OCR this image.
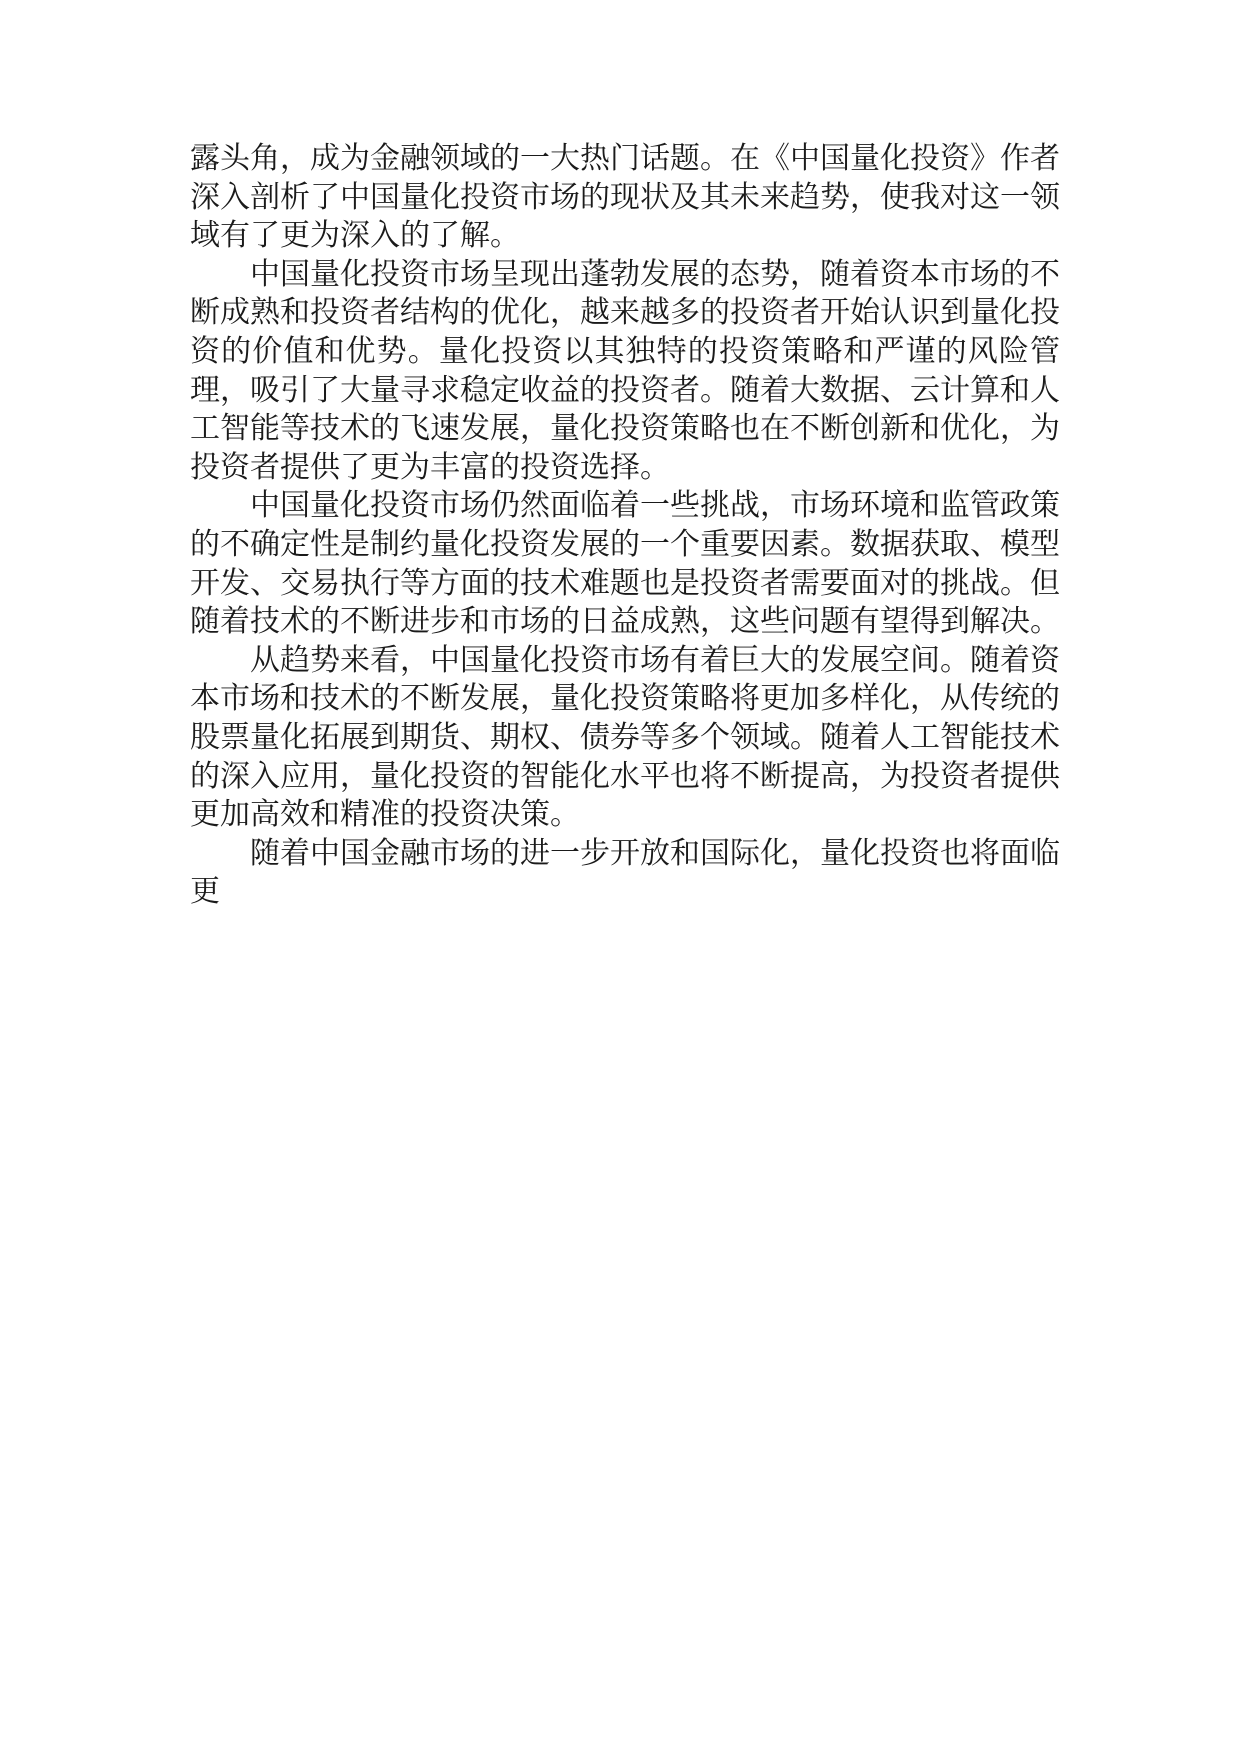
露头角，成为金融领域的一大热门话题。在《中国量化投资》作者深入剖析了中国量化投资市场的现状及其未来趋势，使我对这一领域有了更为深入的了解。

中国量化投资市场呈现出蓬勃发展的态势，随着资本市场的不断成熟和投资者结构的优化，越来越多的投资者开始认识到量化投资的价值和优势。量化投资以其独特的投资策略和严谨的风险管理，吸引了大量寻求稳定收益的投资者。随着大数据、云计算和人工智能等技术的飞速发展，量化投资策略也在不断创新和优化，为投资者提供了更为丰富的投资选择。

中国量化投资市场仍然面临着一些挑战，市场环境和监管政策的不确定性是制约量化投资发展的一个重要因素。数据获取、模型开发、交易执行等方面的技术难题也是投资者需要面对的挑战。但随着技术的不断进步和市场的日益成熟，这些问题有望得到解决。

从趋势来看，中国量化投资市场有着巨大的发展空间。随着资本市场和技术的不断发展，量化投资策略将更加多样化，从传统的股票量化拓展到期货、期权、债券等多个领域。随着人工智能技术的深入应用，量化投资的智能化水平也将不断提高，为投资者提供更加高效和精准的投资决策。

随着中国金融市场的进一步开放和国际化，量化投资也将面临更
